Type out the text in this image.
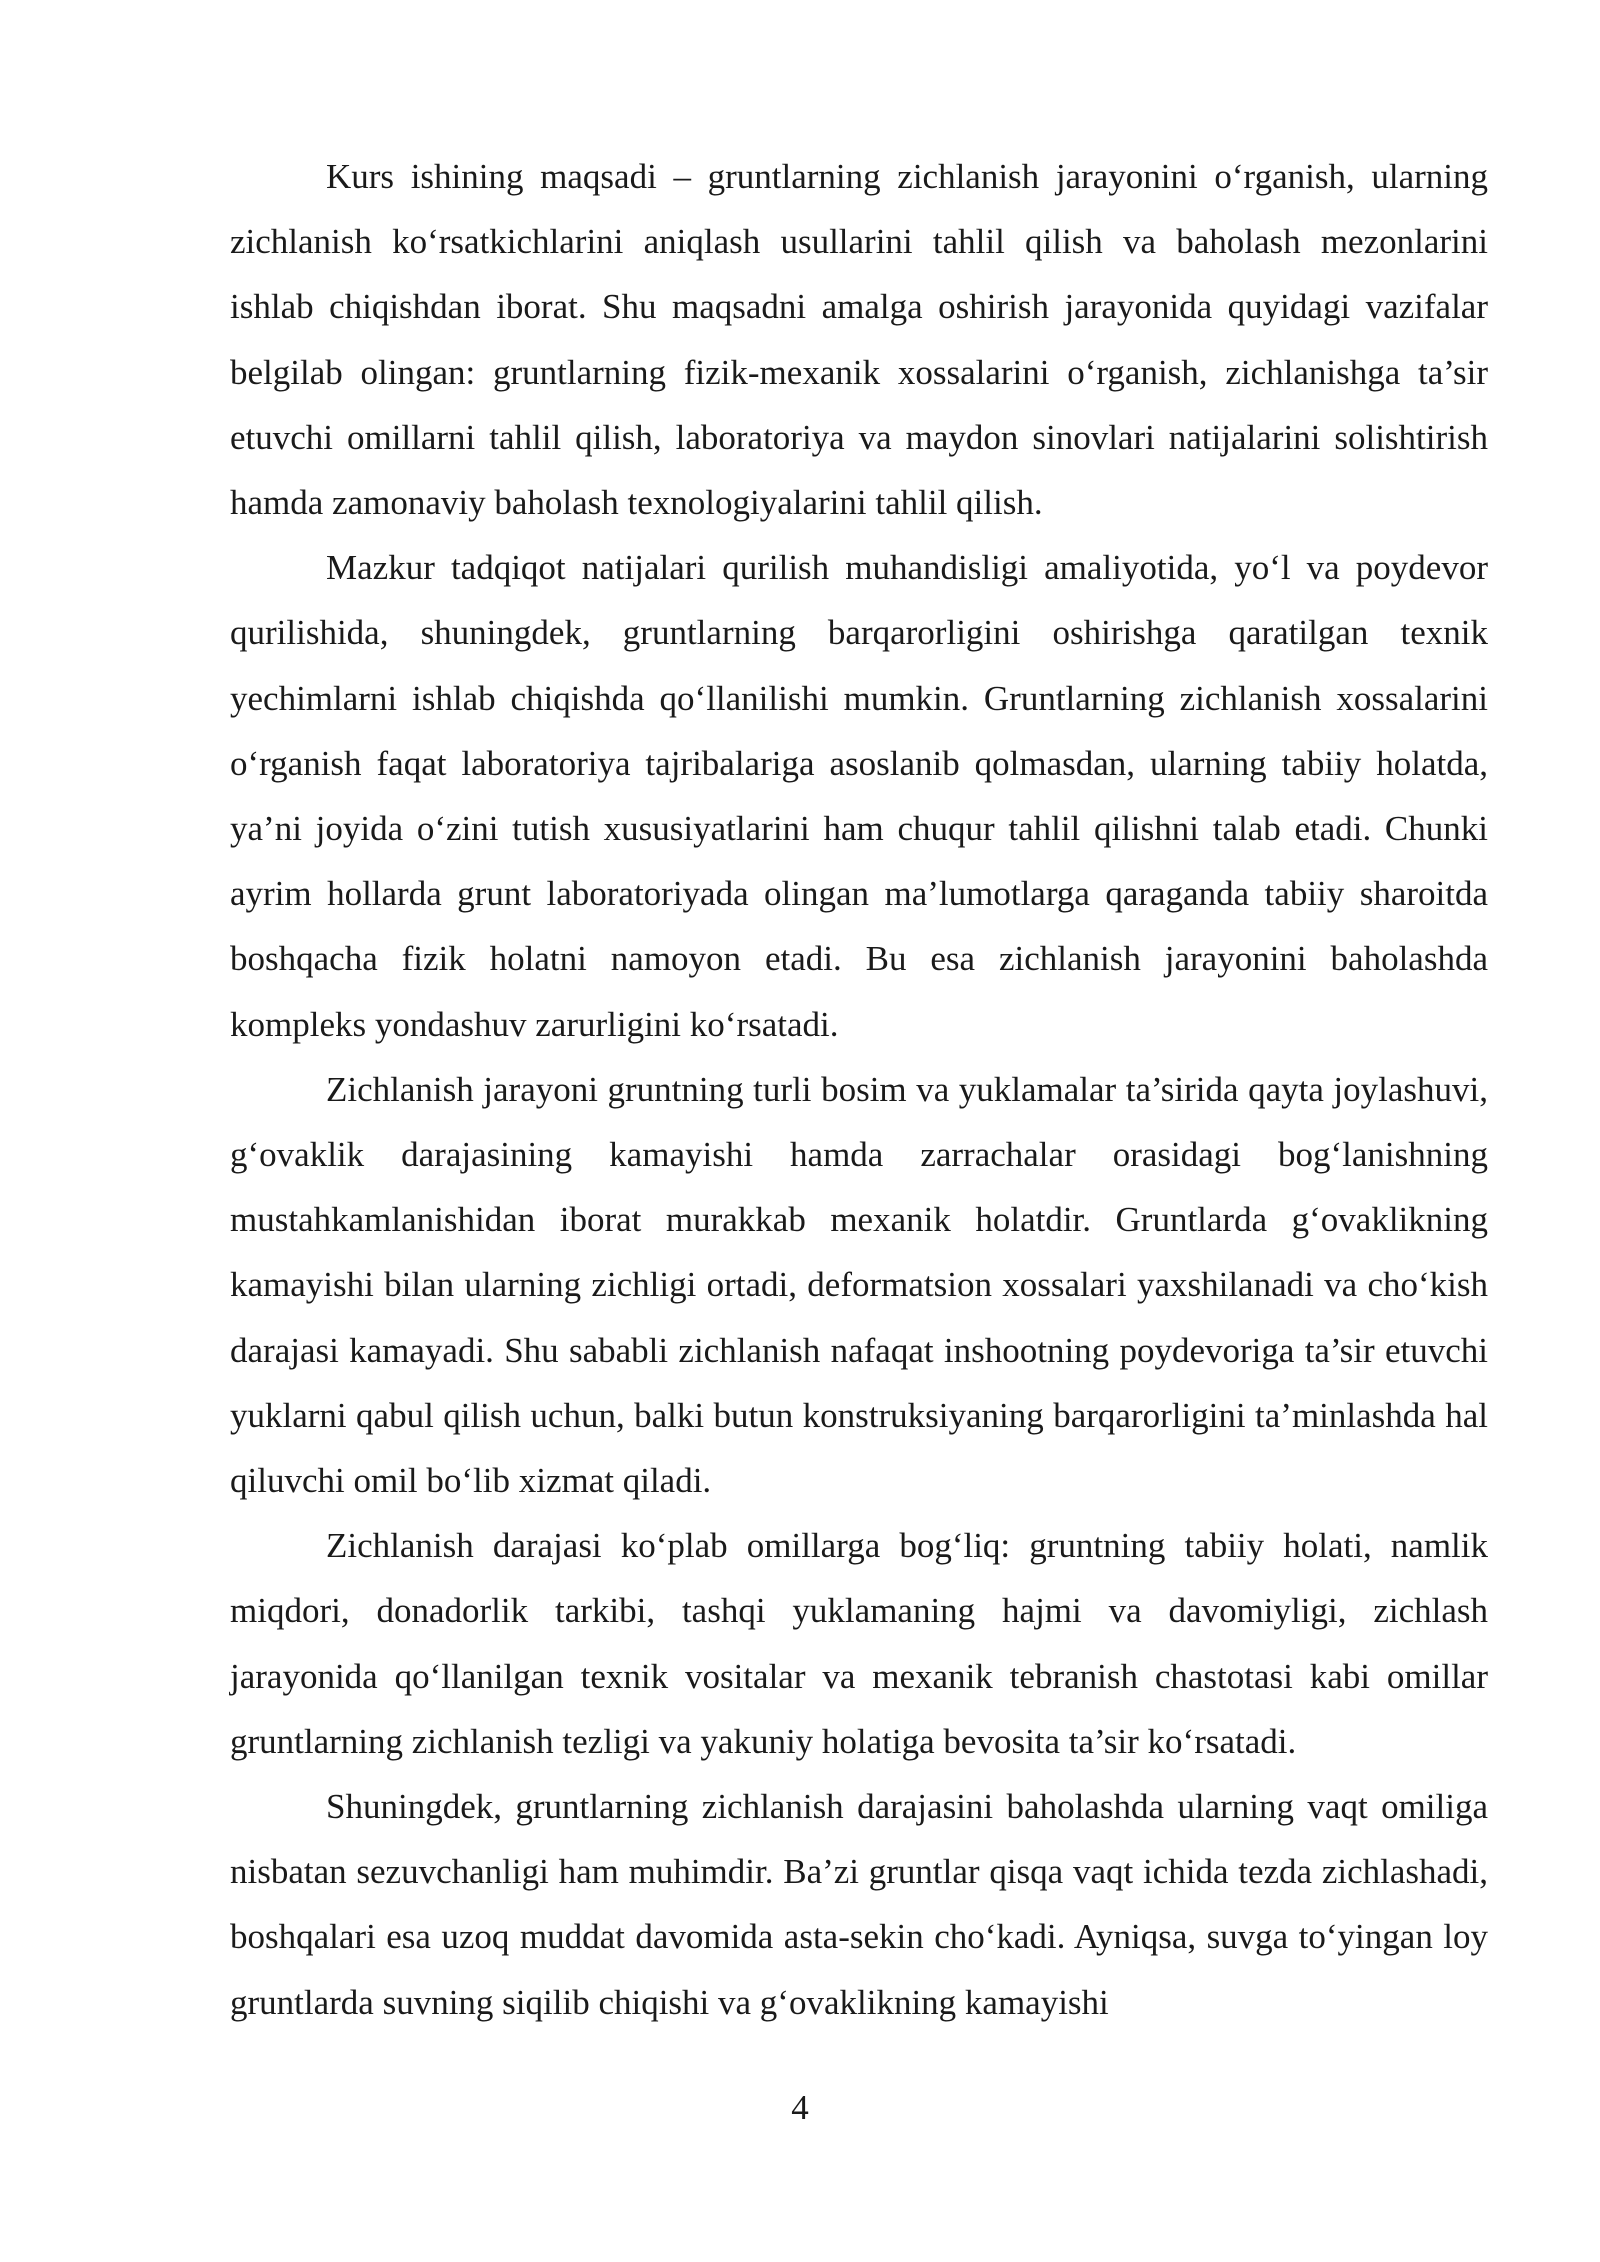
Kurs ishining maqsadi – gruntlarning zichlanish jarayonini o‘rganish, ularning zichlanish ko‘rsatkichlarini aniqlash usullarini tahlil qilish va baholash mezonlarini ishlab chiqishdan iborat. Shu maqsadni amalga oshirish jarayonida quyidagi vazifalar belgilab olingan: gruntlarning fizik-mexanik xossalarini o‘rganish, zichlanishga ta’sir etuvchi omillarni tahlil qilish, laboratoriya va maydon sinovlari natijalarini solishtirish hamda zamonaviy baholash texnologiyalarini tahlil qilish.

Mazkur tadqiqot natijalari qurilish muhandisligi amaliyotida, yo‘l va poydevor qurilishida, shuningdek, gruntlarning barqarorligini oshirishga qaratilgan texnik yechimlarni ishlab chiqishda qo‘llanilishi mumkin. Gruntlarning zichlanish xossalarini o‘rganish faqat laboratoriya tajribalariga asoslanib qolmasdan, ularning tabiiy holatda, ya’ni joyida o‘zini tutish xususiyatlarini ham chuqur tahlil qilishni talab etadi. Chunki ayrim hollarda grunt laboratoriyada olingan ma’lumotlarga qaraganda tabiiy sharoitda boshqacha fizik holatni namoyon etadi. Bu esa zichlanish jarayonini baholashda kompleks yondashuv zarurligini ko‘rsatadi.

Zichlanish jarayoni gruntning turli bosim va yuklamalar ta’sirida qayta joylashuvi, g‘ovaklik darajasining kamayishi hamda zarrachalar orasidagi bog‘lanishning mustahkamlanishidan iborat murakkab mexanik holatdir. Gruntlarda g‘ovaklikning kamayishi bilan ularning zichligi ortadi, deformatsion xossalari yaxshilanadi va cho‘kish darajasi kamayadi. Shu sababli zichlanish nafaqat inshootning poydevoriga ta’sir etuvchi yuklarni qabul qilish uchun, balki butun konstruksiyaning barqarorligini ta’minlashda hal qiluvchi omil bo‘lib xizmat qiladi.

Zichlanish darajasi ko‘plab omillarga bog‘liq: gruntning tabiiy holati, namlik miqdori, donadorlik tarkibi, tashqi yuklamaning hajmi va davomiyligi, zichlash jarayonida qo‘llanilgan texnik vositalar va mexanik tebranish chastotasi kabi omillar gruntlarning zichlanish tezligi va yakuniy holatiga bevosita ta’sir ko‘rsatadi.

Shuningdek, gruntlarning zichlanish darajasini baholashda ularning vaqt omiliga nisbatan sezuvchanligi ham muhimdir. Ba’zi gruntlar qisqa vaqt ichida tezda zichlashadi, boshqalari esa uzoq muddat davomida asta-sekin cho‘kadi. Ayniqsa, suvga to‘yingan loy gruntlarda suvning siqilib chiqishi va g‘ovaklikning kamayishi

4
